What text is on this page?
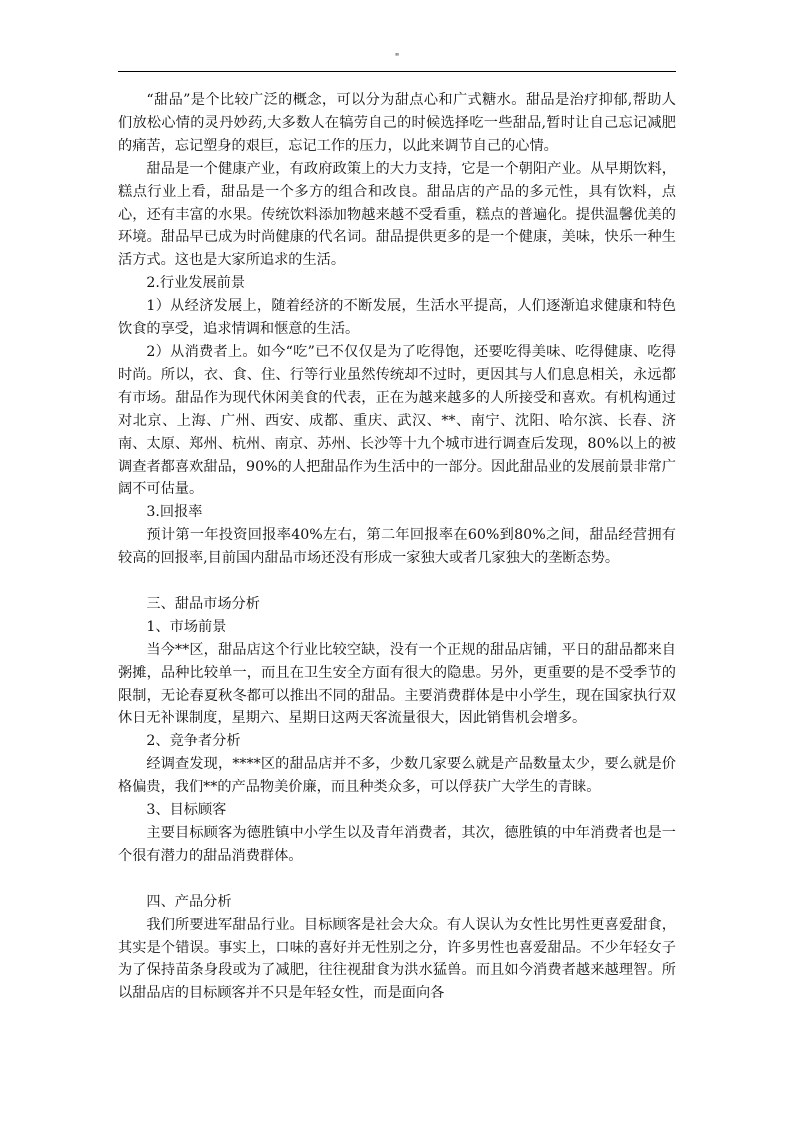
"

“甜品”是个比较广泛的概念，可以分为甜点心和广式糖水。甜品是治疗抑郁,帮助人们放松心情的灵丹妙药,大多数人在犒劳自己的时候选择吃一些甜品,暂时让自己忘记减肥的痛苦，忘记塑身的艰巨，忘记工作的压力，以此来调节自己的心情。

甜品是一个健康产业，有政府政策上的大力支持，它是一个朝阳产业。从早期饮料，糕点行业上看，甜品是一个多方的组合和改良。甜品店的产品的多元性，具有饮料，点心，还有丰富的水果。传统饮料添加物越来越不受看重，糕点的普遍化。提供温馨优美的环境。甜品早已成为时尚健康的代名词。甜品提供更多的是一个健康，美味，快乐一种生活方式。这也是大家所追求的生活。

2.行业发展前景

1）从经济发展上，随着经济的不断发展，生活水平提高，人们逐渐追求健康和特色饮食的享受，追求情调和惬意的生活。

2）从消费者上。如今“吃”已不仅仅是为了吃得饱，还要吃得美味、吃得健康、吃得时尚。所以，衣、食、住、行等行业虽然传统却不过时，更因其与人们息息相关，永远都有市场。甜品作为现代休闲美食的代表，正在为越来越多的人所接受和喜欢。有机构通过对北京、上海、广州、西安、成都、重庆、武汉、**、南宁、沈阳、哈尔滨、长春、济南、太原、郑州、杭州、南京、苏州、长沙等十九个城市进行调查后发现，80%以上的被调查者都喜欢甜品，90%的人把甜品作为生活中的一部分。因此甜品业的发展前景非常广阔不可估量。

3.回报率

预计第一年投资回报率40%左右，第二年回报率在60%到80%之间，甜品经营拥有较高的回报率,目前国内甜品市场还没有形成一家独大或者几家独大的垄断态势。

三、甜品市场分析

1、市场前景

当今**区，甜品店这个行业比较空缺，没有一个正规的甜品店铺，平日的甜品都来自粥摊，品种比较单一，而且在卫生安全方面有很大的隐患。另外，更重要的是不受季节的限制，无论春夏秋冬都可以推出不同的甜品。主要消费群体是中小学生，现在国家执行双休日无补课制度，星期六、星期日这两天客流量很大，因此销售机会增多。

2、竞争者分析

经调查发现，****区的甜品店并不多，少数几家要么就是产品数量太少，要么就是价格偏贵，我们**的产品物美价廉，而且种类众多，可以俘获广大学生的青睐。

3、目标顾客

主要目标顾客为德胜镇中小学生以及青年消费者，其次，德胜镇的中年消费者也是一个很有潜力的甜品消费群体。

四、产品分析

我们所要进军甜品行业。目标顾客是社会大众。有人误认为女性比男性更喜爱甜食，其实是个错误。事实上，口味的喜好并无性别之分，许多男性也喜爱甜品。不少年轻女子为了保持苗条身段或为了减肥，往往视甜食为洪水猛兽。而且如今消费者越来越理智。所以甜品店的目标顾客并不只是年轻女性，而是面向各
